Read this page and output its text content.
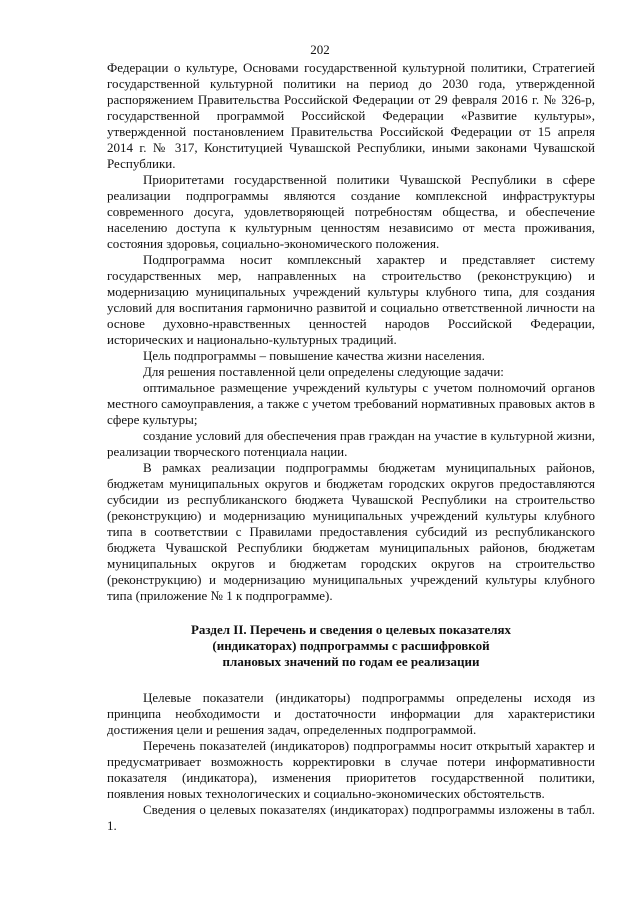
202

Федерации о культуре, Основами государственной культурной политики, Стратегией государственной культурной политики на период до 2030 года, утвержденной распоряжением Правительства Российской Федерации от 29 февраля 2016 г. № 326-р, государственной программой Российской Федерации «Развитие культуры», утвержденной постановлением Правительства Российской Федерации от 15 апреля 2014 г. № 317, Конституцией Чувашской Республики, иными законами Чувашской Республики.

Приоритетами государственной политики Чувашской Республики в сфере реализации подпрограммы являются создание комплексной инфраструктуры современного досуга, удовлетворяющей потребностям общества, и обеспечение населению доступа к культурным ценностям независимо от места проживания, состояния здоровья, социально-экономического положения.

Подпрограмма носит комплексный характер и представляет систему государственных мер, направленных на строительство (реконструкцию) и модернизацию муниципальных учреждений культуры клубного типа, для создания условий для воспитания гармонично развитой и социально ответственной личности на основе духовно-нравственных ценностей народов Российской Федерации, исторических и национально-культурных традиций.

Цель подпрограммы – повышение качества жизни населения.

Для решения поставленной цели определены следующие задачи:

оптимальное размещение учреждений культуры с учетом полномочий органов местного самоуправления, а также с учетом требований нормативных правовых актов в сфере культуры;

создание условий для обеспечения прав граждан на участие в культурной жизни, реализации творческого потенциала нации.

В рамках реализации подпрограммы бюджетам муниципальных районов, бюджетам муниципальных округов и бюджетам городских округов предоставляются субсидии из республиканского бюджета Чувашской Республики на строительство (реконструкцию) и модернизацию муниципальных учреждений культуры клубного типа в соответствии с Правилами предоставления субсидий из республиканского бюджета Чувашской Республики бюджетам муниципальных районов, бюджетам муниципальных округов и бюджетам городских округов на строительство (реконструкцию) и модернизацию муниципальных учреждений культуры клубного типа (приложение № 1 к подпрограмме).

Раздел II. Перечень и сведения о целевых показателях
(индикаторах) подпрограммы с расшифровкой
плановых значений по годам ее реализации

Целевые показатели (индикаторы) подпрограммы определены исходя из принципа необходимости и достаточности информации для характеристики достижения цели и решения задач, определенных подпрограммой.

Перечень показателей (индикаторов) подпрограммы носит открытый характер и предусматривает возможность корректировки в случае потери информативности показателя (индикатора), изменения приоритетов государственной политики, появления новых технологических и социально-экономических обстоятельств.

Сведения о целевых показателях (индикаторах) подпрограммы изложены в табл. 1.
